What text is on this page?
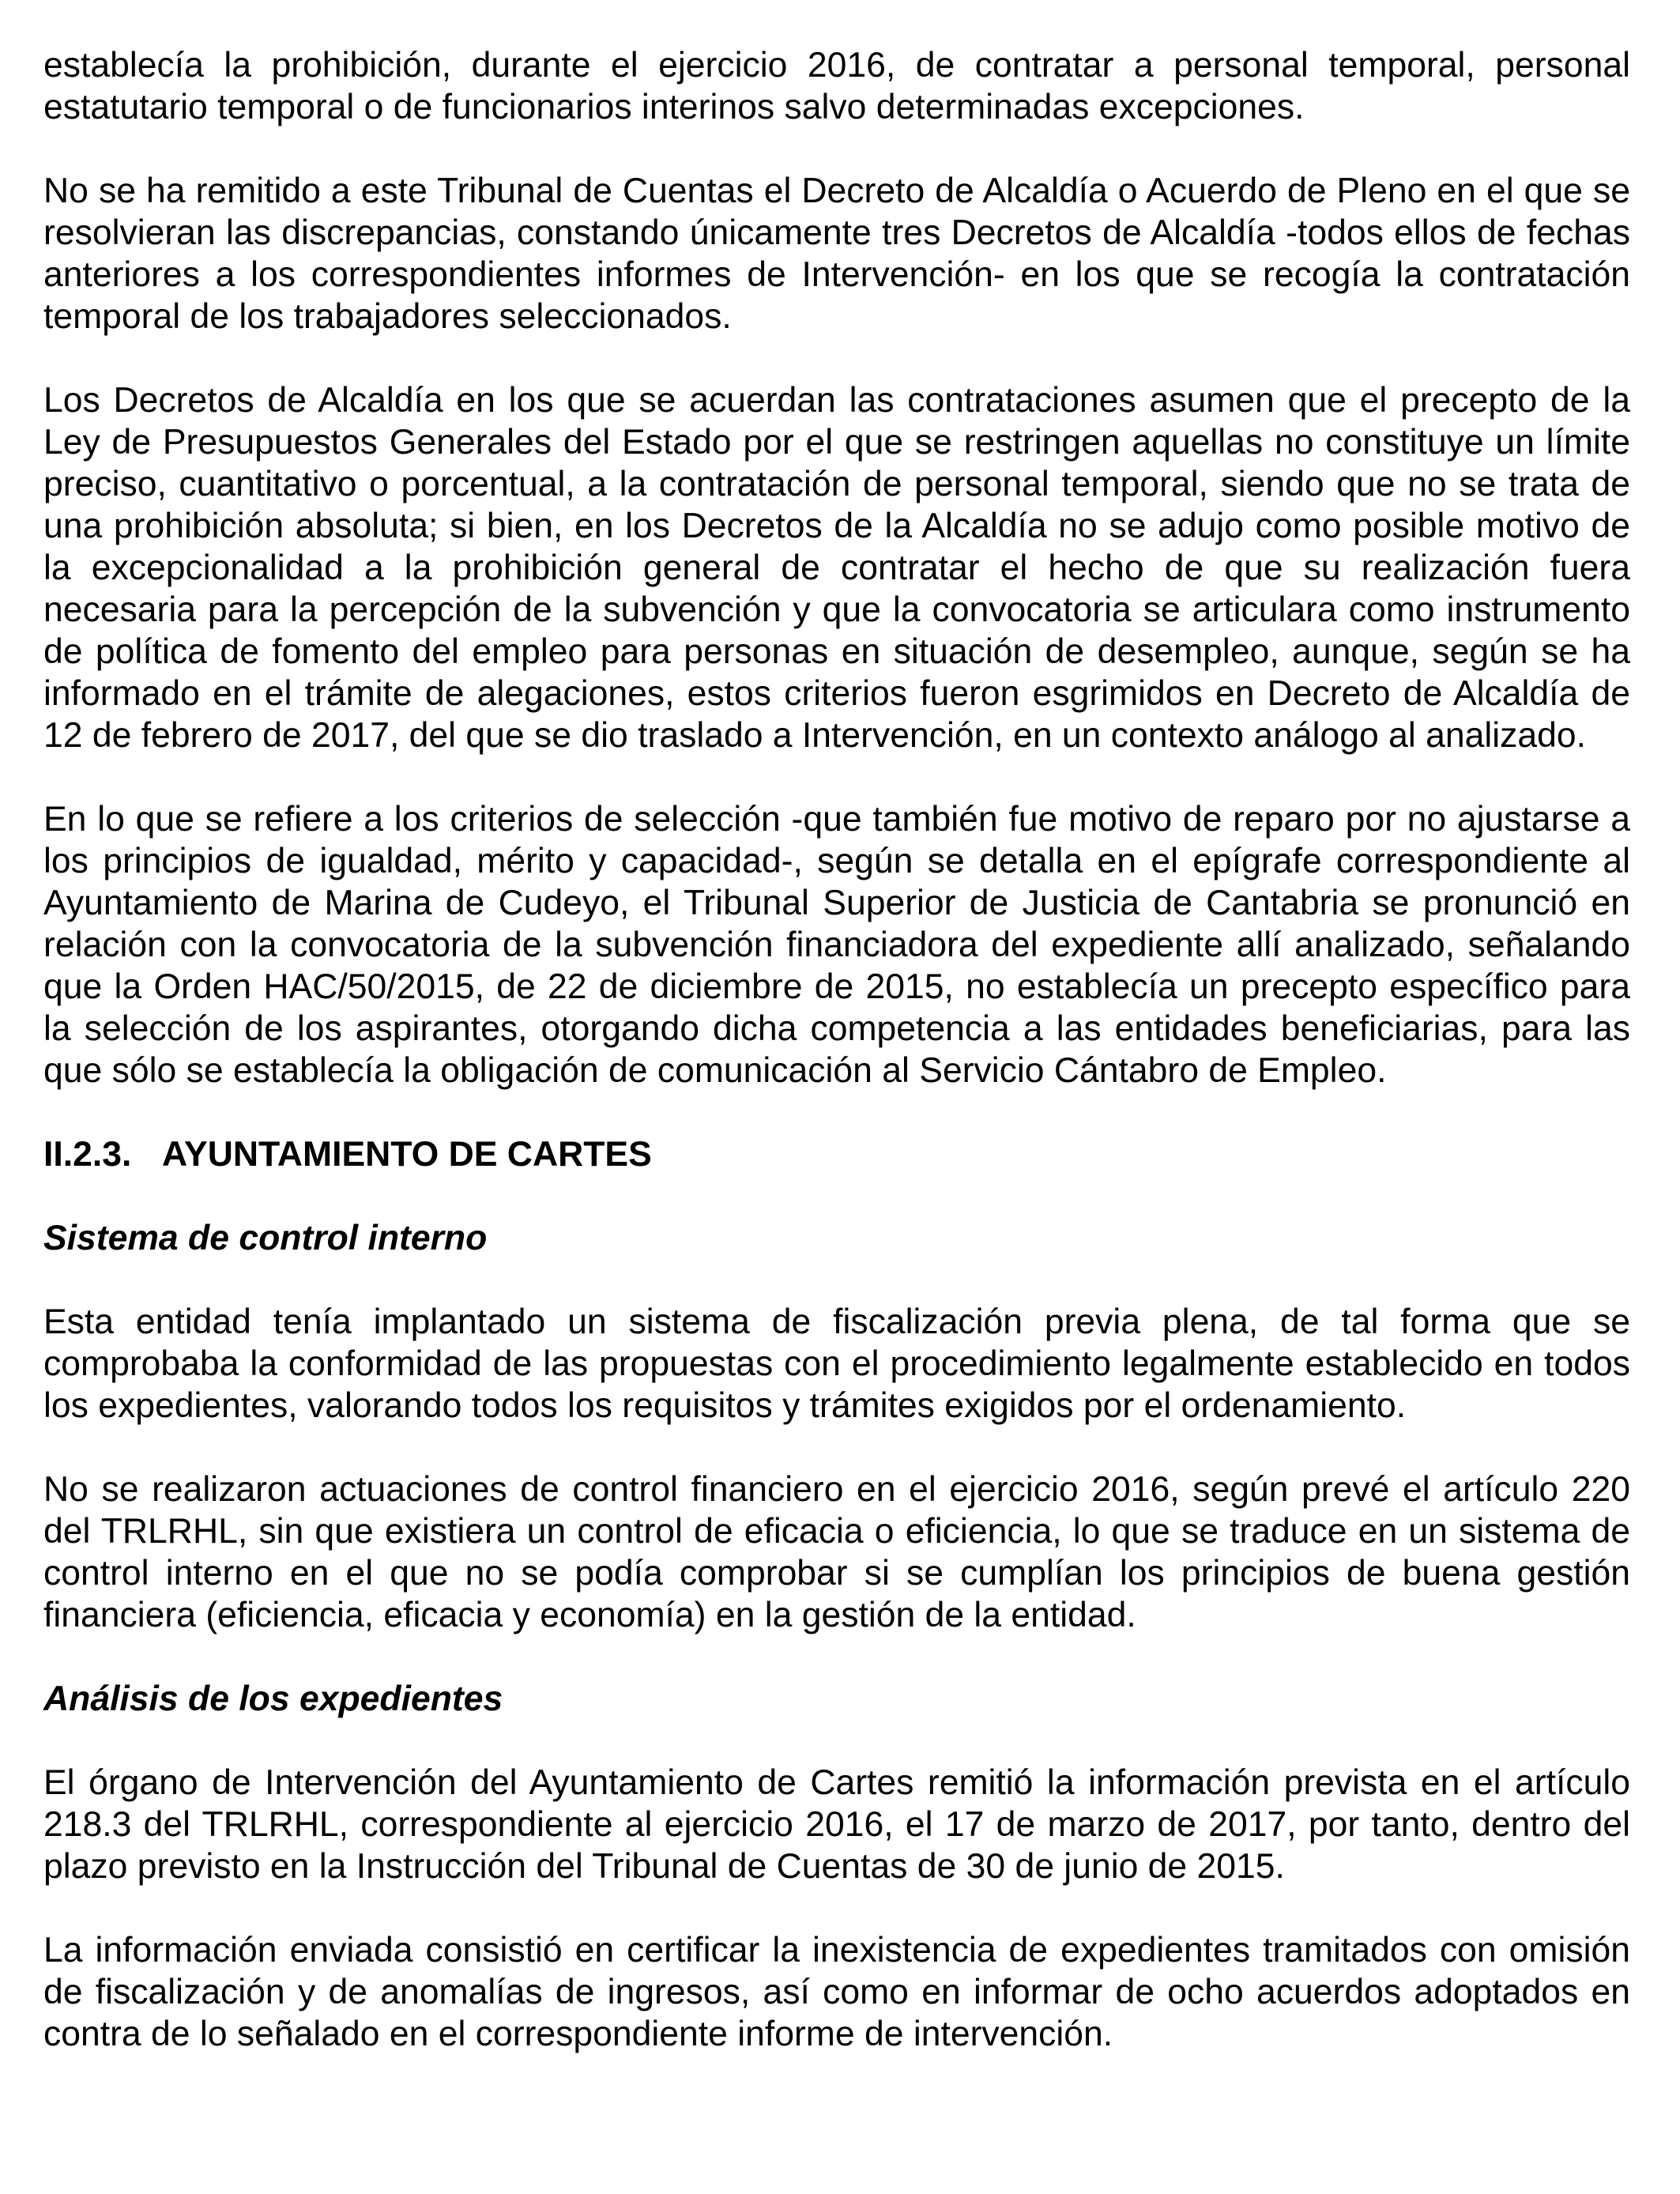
establecía la prohibición, durante el ejercicio 2016, de contratar a personal temporal, personal estatutario temporal o de funcionarios interinos salvo determinadas excepciones.

No se ha remitido a este Tribunal de Cuentas el Decreto de Alcaldía o Acuerdo de Pleno en el que se resolvieran las discrepancias, constando únicamente tres Decretos de Alcaldía -todos ellos de fechas anteriores a los correspondientes informes de Intervención- en los que se recogía la contratación temporal de los trabajadores seleccionados.

Los Decretos de Alcaldía en los que se acuerdan las contrataciones asumen que el precepto de la Ley de Presupuestos Generales del Estado por el que se restringen aquellas no constituye un límite preciso, cuantitativo o porcentual, a la contratación de personal temporal, siendo que no se trata de una prohibición absoluta; si bien, en los Decretos de la Alcaldía no se adujo como posible motivo de la excepcionalidad a la prohibición general de contratar el hecho de que su realización fuera necesaria para la percepción de la subvención y que la convocatoria se articulara como instrumento de política de fomento del empleo para personas en situación de desempleo, aunque, según se ha informado en el trámite de alegaciones, estos criterios fueron esgrimidos en Decreto de Alcaldía de 12 de febrero de 2017, del que se dio traslado a Intervención, en un contexto análogo al analizado.

En lo que se refiere a los criterios de selección -que también fue motivo de reparo por no ajustarse a los principios de igualdad, mérito y capacidad-, según se detalla en el epígrafe correspondiente al Ayuntamiento de Marina de Cudeyo, el Tribunal Superior de Justicia de Cantabria se pronunció en relación con la convocatoria de la subvención financiadora del expediente allí analizado, señalando que la Orden HAC/50/2015, de 22 de diciembre de 2015, no establecía un precepto específico para la selección de los aspirantes, otorgando dicha competencia a las entidades beneficiarias, para las que sólo se establecía la obligación de comunicación al Servicio Cántabro de Empleo.

II.2.3. AYUNTAMIENTO DE CARTES
Sistema de control interno

Esta entidad tenía implantado un sistema de fiscalización previa plena, de tal forma que se comprobaba la conformidad de las propuestas con el procedimiento legalmente establecido en todos los expedientes, valorando todos los requisitos y trámites exigidos por el ordenamiento.

No se realizaron actuaciones de control financiero en el ejercicio 2016, según prevé el artículo 220 del TRLRHL, sin que existiera un control de eficacia o eficiencia, lo que se traduce en un sistema de control interno en el que no se podía comprobar si se cumplían los principios de buena gestión financiera (eficiencia, eficacia y economía) en la gestión de la entidad.

Análisis de los expedientes

El órgano de Intervención del Ayuntamiento de Cartes remitió la información prevista en el artículo 218.3 del TRLRHL, correspondiente al ejercicio 2016, el 17 de marzo de 2017, por tanto, dentro del plazo previsto en la Instrucción del Tribunal de Cuentas de 30 de junio de 2015.

La información enviada consistió en certificar la inexistencia de expedientes tramitados con omisión de fiscalización y de anomalías de ingresos, así como en informar de ocho acuerdos adoptados en contra de lo señalado en el correspondiente informe de intervención.
